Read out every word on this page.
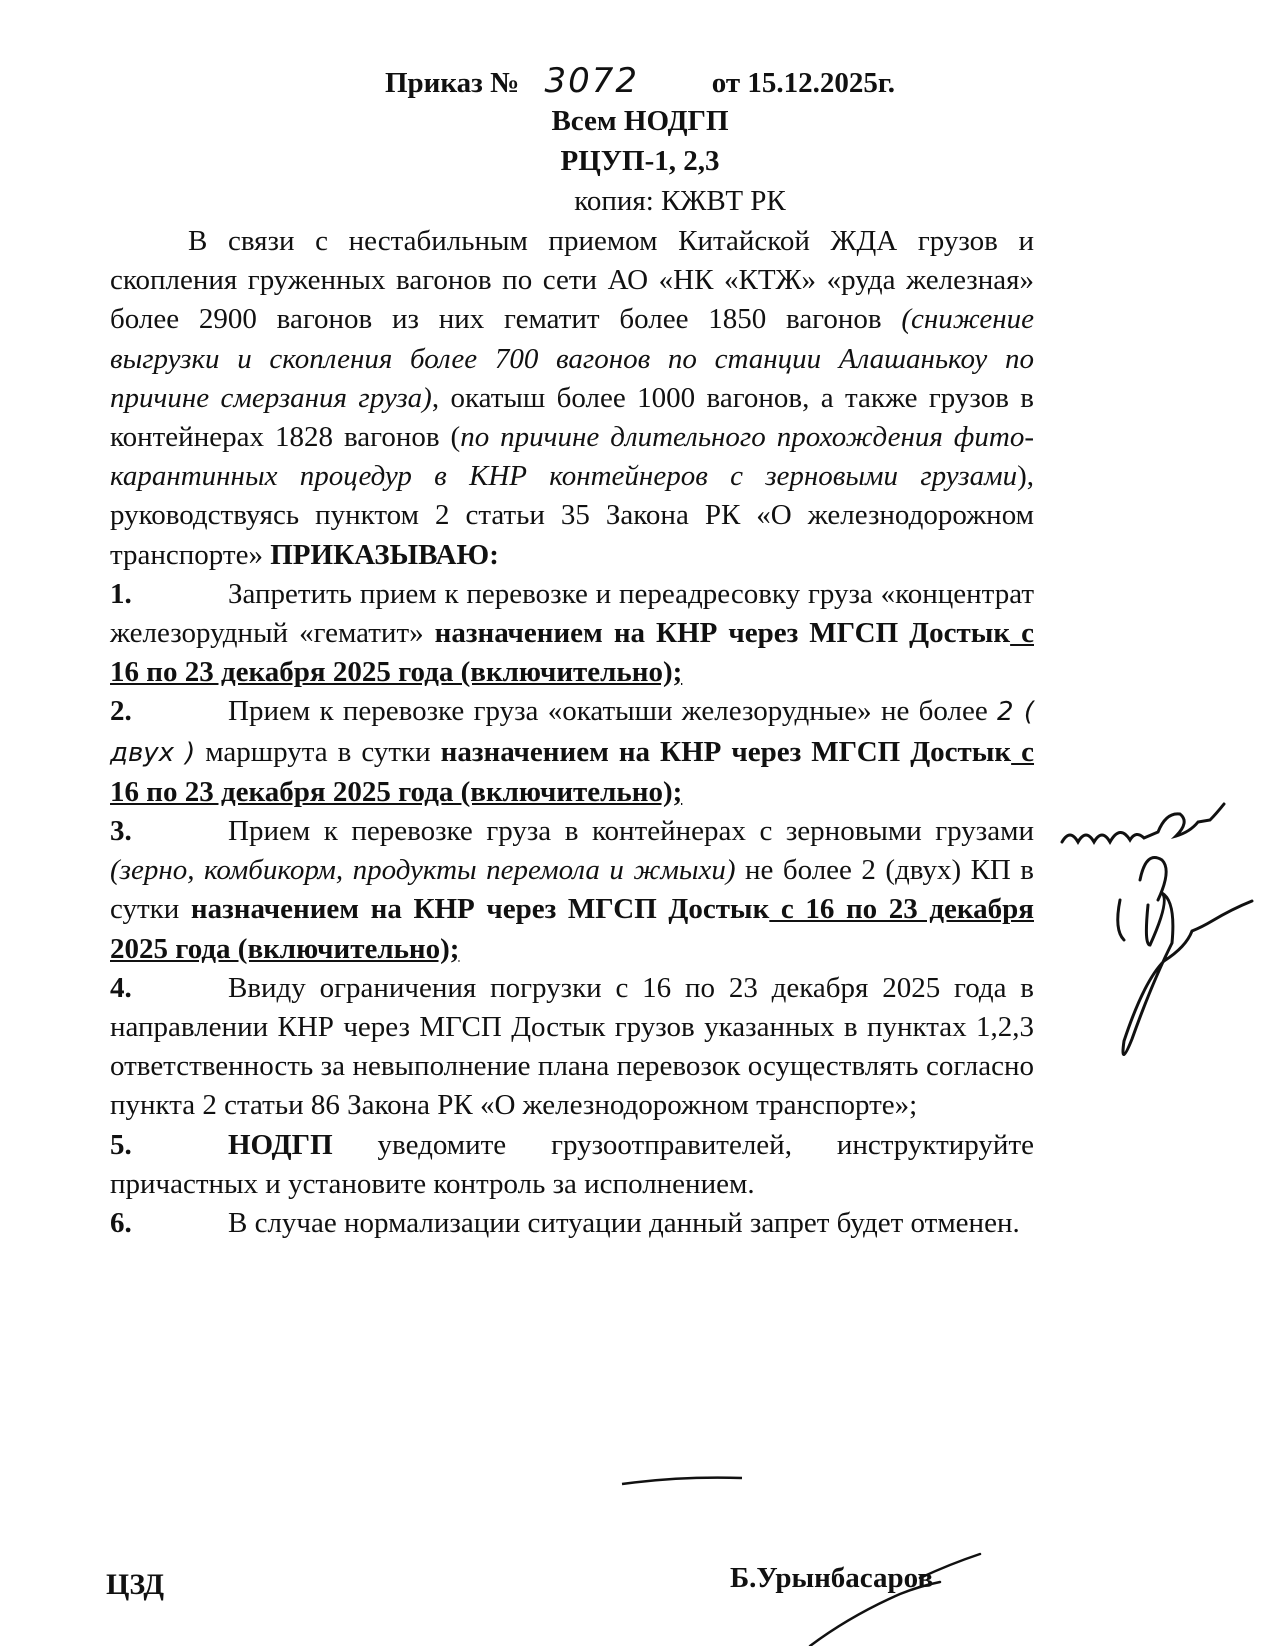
Приказ № 3072	от 15.12.2025г.
Всем НОДГП
РЦУП-1, 2,3
копия: КЖВТ РК

В связи с нестабильным приемом Китайской ЖДА грузов и скопления груженных вагонов по сети АО «НК «КТЖ» «руда железная» более 2900 вагонов из них гематит более 1850 вагонов (снижение выгрузки и скопления более 700 вагонов по станции Алашанькоу по причине смерзания груза), окатыш более 1000 вагонов, а также грузов в контейнерах 1828 вагонов (по причине длительного прохождения фито-карантинных процедур в КНР контейнеров с зерновыми грузами), руководствуясь пунктом 2 статьи 35 Закона РК «О железнодорожном транспорте» ПРИКАЗЫВАЮ:

1.	Запретить прием к перевозке и переадресовку груза «концентрат железорудный «гематит» назначением на КНР через МГСП Достык с 16 по 23 декабря 2025 года (включительно);

2.	Прием к перевозке груза «окатыши железорудные» не более 2 ( двух ) маршрута в сутки назначением на КНР через МГСП Достык с 16 по 23 декабря 2025 года (включительно);

3.	Прием к перевозке груза в контейнерах с зерновыми грузами (зерно, комбикорм, продукты перемола и жмыхи) не более 2 (двух) КП в сутки назначением на КНР через МГСП Достык с 16 по 23 декабря 2025 года (включительно);

4.	Ввиду ограничения погрузки с 16 по 23 декабря 2025 года в направлении КНР через МГСП Достык грузов указанных в пунктах 1,2,3 ответственность за невыполнение плана перевозок осуществлять согласно пункта 2 статьи 86 Закона РК «О железнодорожном транспорте»;

5.	НОДГП уведомите грузоотправителей, инструктируйте причастных и установите контроль за исполнением.

6.	В случае нормализации ситуации данный запрет будет отменен.

ЦЗД	Б.Урынбасаров
